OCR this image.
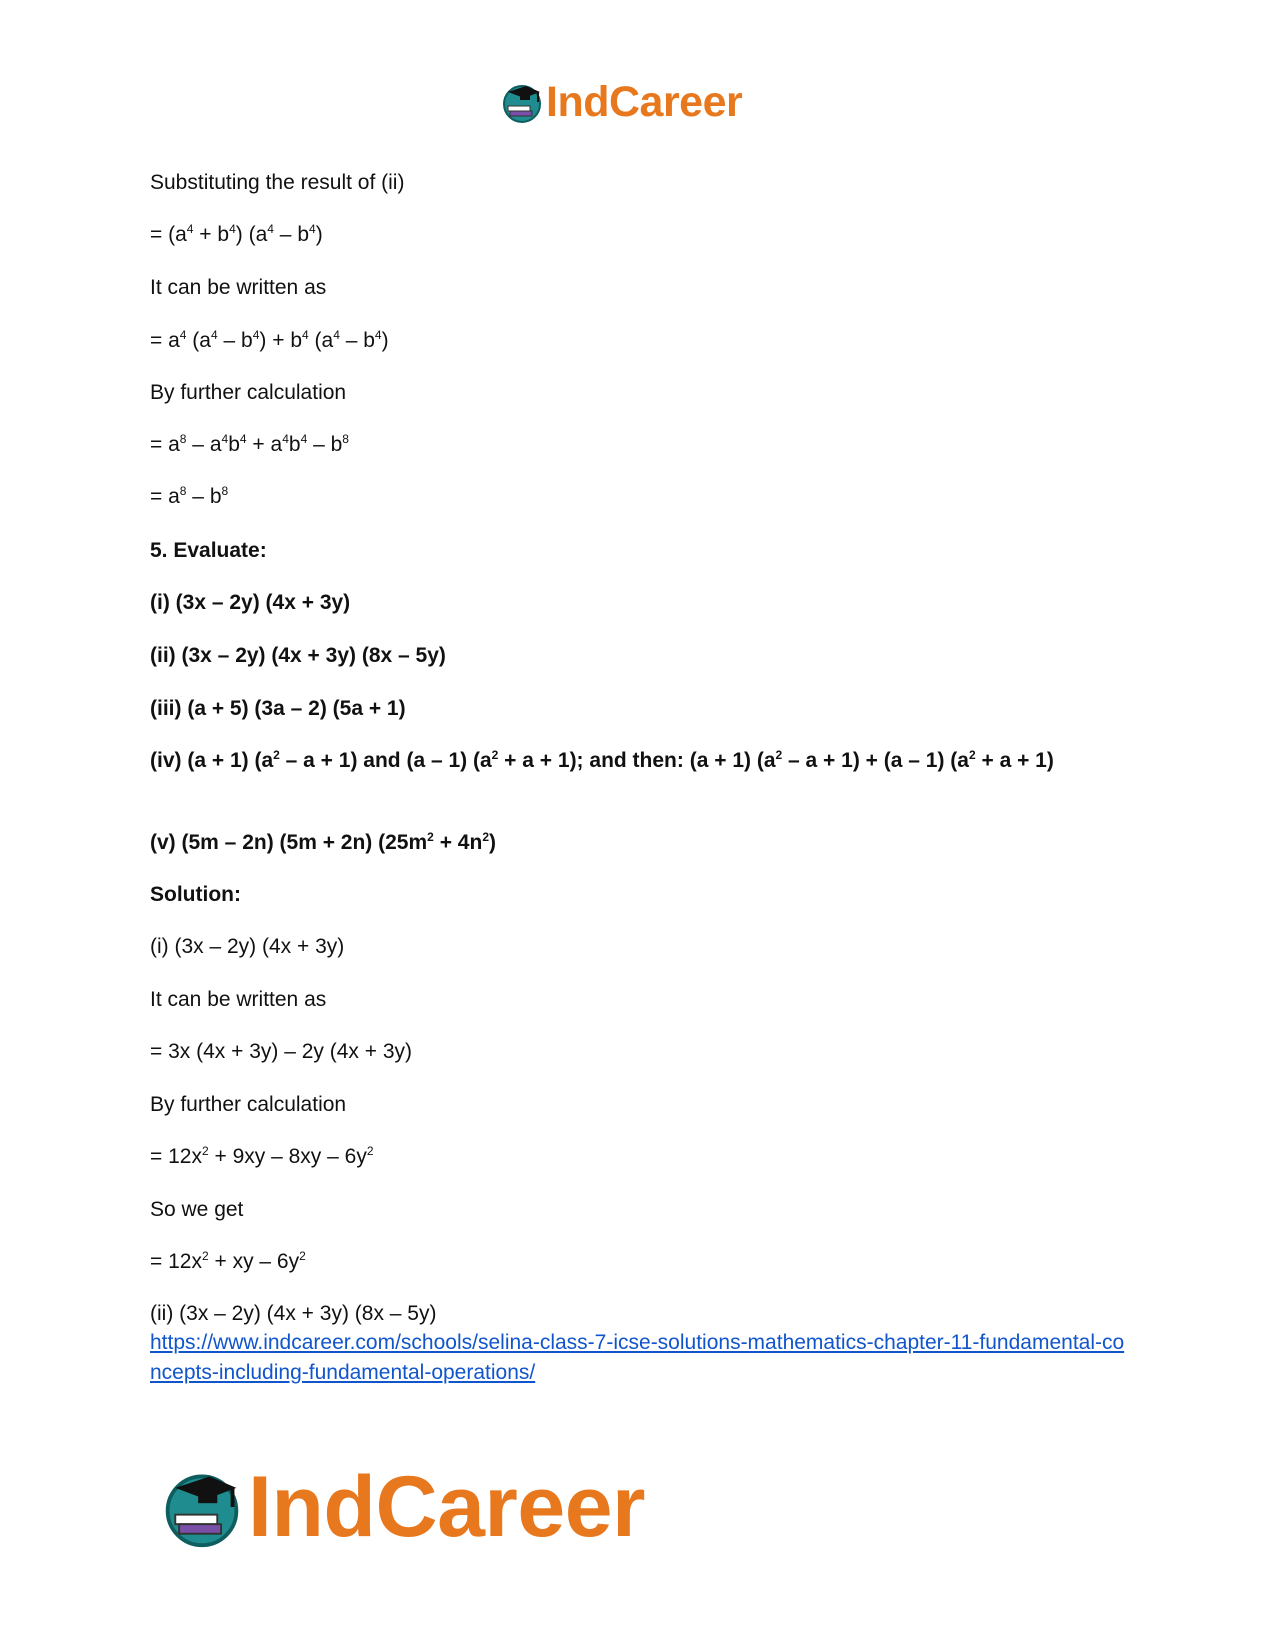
IndCareer

Substituting the result of (ii)

= $(a^4 + b^4)$ $(a^4 - b^4)$

It can be written as

= $a^4$ $(a^4 - b^4) + b^4$ $(a^4 - b^4)$

By further calculation

= $a^8 - a^4b^4 + a^4b^4 - b^8$

= $a^8 - b^8$

5. Evaluate:

(i) (3x – 2y) (4x + 3y)

(ii) (3x – 2y) (4x + 3y) (8x – 5y)

(iii) (a + 5) (3a – 2) (5a + 1)

(iv) (a + 1) $(a^2 - a + 1)$ and (a – 1) $(a^2 + a + 1)$; and then: (a + 1) $(a^2 - a + 1) + (a - 1) (a^2 + a + 1)$

(v) (5m – 2n) (5m + 2n) $(25m^2 + 4n^2)$

Solution:

(i) (3x – 2y) (4x + 3y)

It can be written as

= 3x (4x + 3y) – 2y (4x + 3y)

By further calculation

= $12x^2 + 9xy - 8xy - 6y^2$

So we get

= $12x^2$ + xy – $6y^2$

(ii) (3x – 2y) (4x + 3y) (8x – 5y)

https://www.indcareer.com/schools/selina-class-7-icse-solutions-mathematics-chapter-11-fundamental-concepts-including-fundamental-operations/
IndCareer
